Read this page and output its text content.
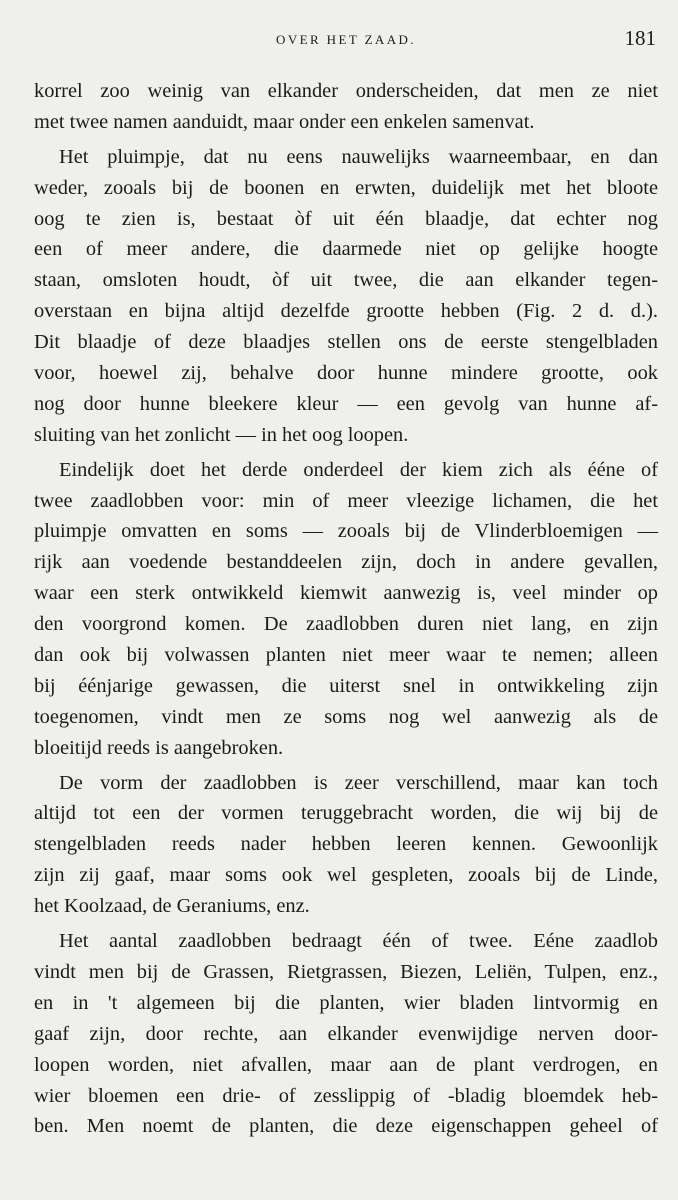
OVER HET ZAAD.	181
korrel zoo weinig van elkander onderscheiden, dat men ze niet
met twee namen aanduidt, maar onder een enkelen samenvat.
Het pluimpje, dat nu eens nauwelijks waarneembaar, en dan
weder, zooals bij de boonen en erwten, duidelijk met het bloote
oog te zien is, bestaat òf uit één blaadje, dat echter nog
een of meer andere, die daarmede niet op gelijke hoogte
staan, omsloten houdt, òf uit twee, die aan elkander tegen-
overstaan en bijna altijd dezelfde grootte hebben (Fig. 2 d. d.).
Dit blaadje of deze blaadjes stellen ons de eerste stengelbladen
voor, hoewel zij, behalve door hunne mindere grootte, ook
nog door hunne bleekere kleur — een gevolg van hunne af-
sluiting van het zonlicht — in het oog loopen.
Eindelijk doet het derde onderdeel der kiem zich als ééne of
twee zaadlobben voor: min of meer vleezige lichamen, die het
pluimpje omvatten en soms — zooals bij de Vlinderbloemigen —
rijk aan voedende bestanddeelen zijn, doch in andere gevallen,
waar een sterk ontwikkeld kiemwit aanwezig is, veel minder op
den voorgrond komen. De zaadlobben duren niet lang, en zijn
dan ook bij volwassen planten niet meer waar te nemen; alleen
bij éénjarige gewassen, die uiterst snel in ontwikkeling zijn
toegenomen, vindt men ze soms nog wel aanwezig als de
bloeitijd reeds is aangebroken.
De vorm der zaadlobben is zeer verschillend, maar kan toch
altijd tot een der vormen teruggebracht worden, die wij bij de
stengelbladen reeds nader hebben leeren kennen. Gewoonlijk
zijn zij gaaf, maar soms ook wel gespleten, zooals bij de Linde,
het Koolzaad, de Geraniums, enz.
Het aantal zaadlobben bedraagt één of twee. Eéne zaadlob
vindt men bij de Grassen, Rietgrassen, Biezen, Leliën, Tulpen, enz.,
en in 't algemeen bij die planten, wier bladen lintvormig en
gaaf zijn, door rechte, aan elkander evenwijdige nerven door-
loopen worden, niet afvallen, maar aan de plant verdrogen, en
wier bloemen een drie- of zesslippig of -bladig bloemdek heb-
ben. Men noemt de planten, die deze eigenschappen geheel of
